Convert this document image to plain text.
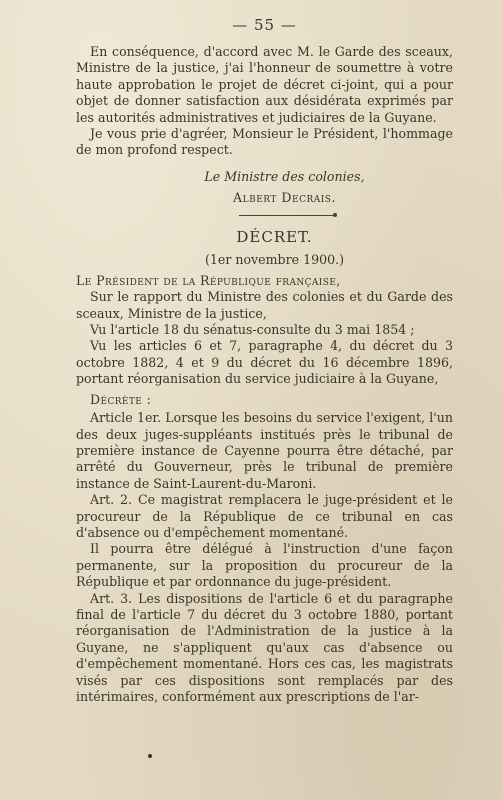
— 55 —

En conséquence, d'accord avec M. le Garde des sceaux, Ministre de la justice, j'ai l'honneur de soumettre à votre haute approbation le projet de décret ci-joint, qui a pour objet de donner satisfaction aux désidérata exprimés par les autorités administratives et judiciaires de la Guyane.

Je vous prie d'agréer, Monsieur le Président, l'hommage de mon profond respect.

Le Ministre des colonies,
Albert Decrais.
DÉCRET.
(1er novembre 1900.)
Le Président de la République française,

Sur le rapport du Ministre des colonies et du Garde des sceaux, Ministre de la justice,

Vu l'article 18 du sénatus-consulte du 3 mai 1854 ;

Vu les articles 6 et 7, paragraphe 4, du décret du 3 octobre 1882, 4 et 9 du décret du 16 décembre 1896, portant réorganisation du service judiciaire à la Guyane,

Décrète :

Article 1er. Lorsque les besoins du service l'exigent, l'un des deux juges-suppléants institués près le tribunal de première instance de Cayenne pourra être détaché, par arrêté du Gouverneur, près le tribunal de première instance de Saint-Laurent-du-Maroni.

Art. 2. Ce magistrat remplacera le juge-président et le procureur de la République de ce tribunal en cas d'absence ou d'empêchement momentané.

Il pourra être délégué à l'instruction d'une façon permanente, sur la proposition du procureur de la République et par ordonnance du juge-président.

Art. 3. Les dispositions de l'article 6 et du paragraphe final de l'article 7 du décret du 3 octobre 1880, portant réorganisation de l'Administration de la justice à la Guyane, ne s'appliquent qu'aux cas d'absence ou d'empêchement momentané. Hors ces cas, les magistrats visés par ces dispositions sont remplacés par des intérimaires, conformément aux prescriptions de l'ar-
